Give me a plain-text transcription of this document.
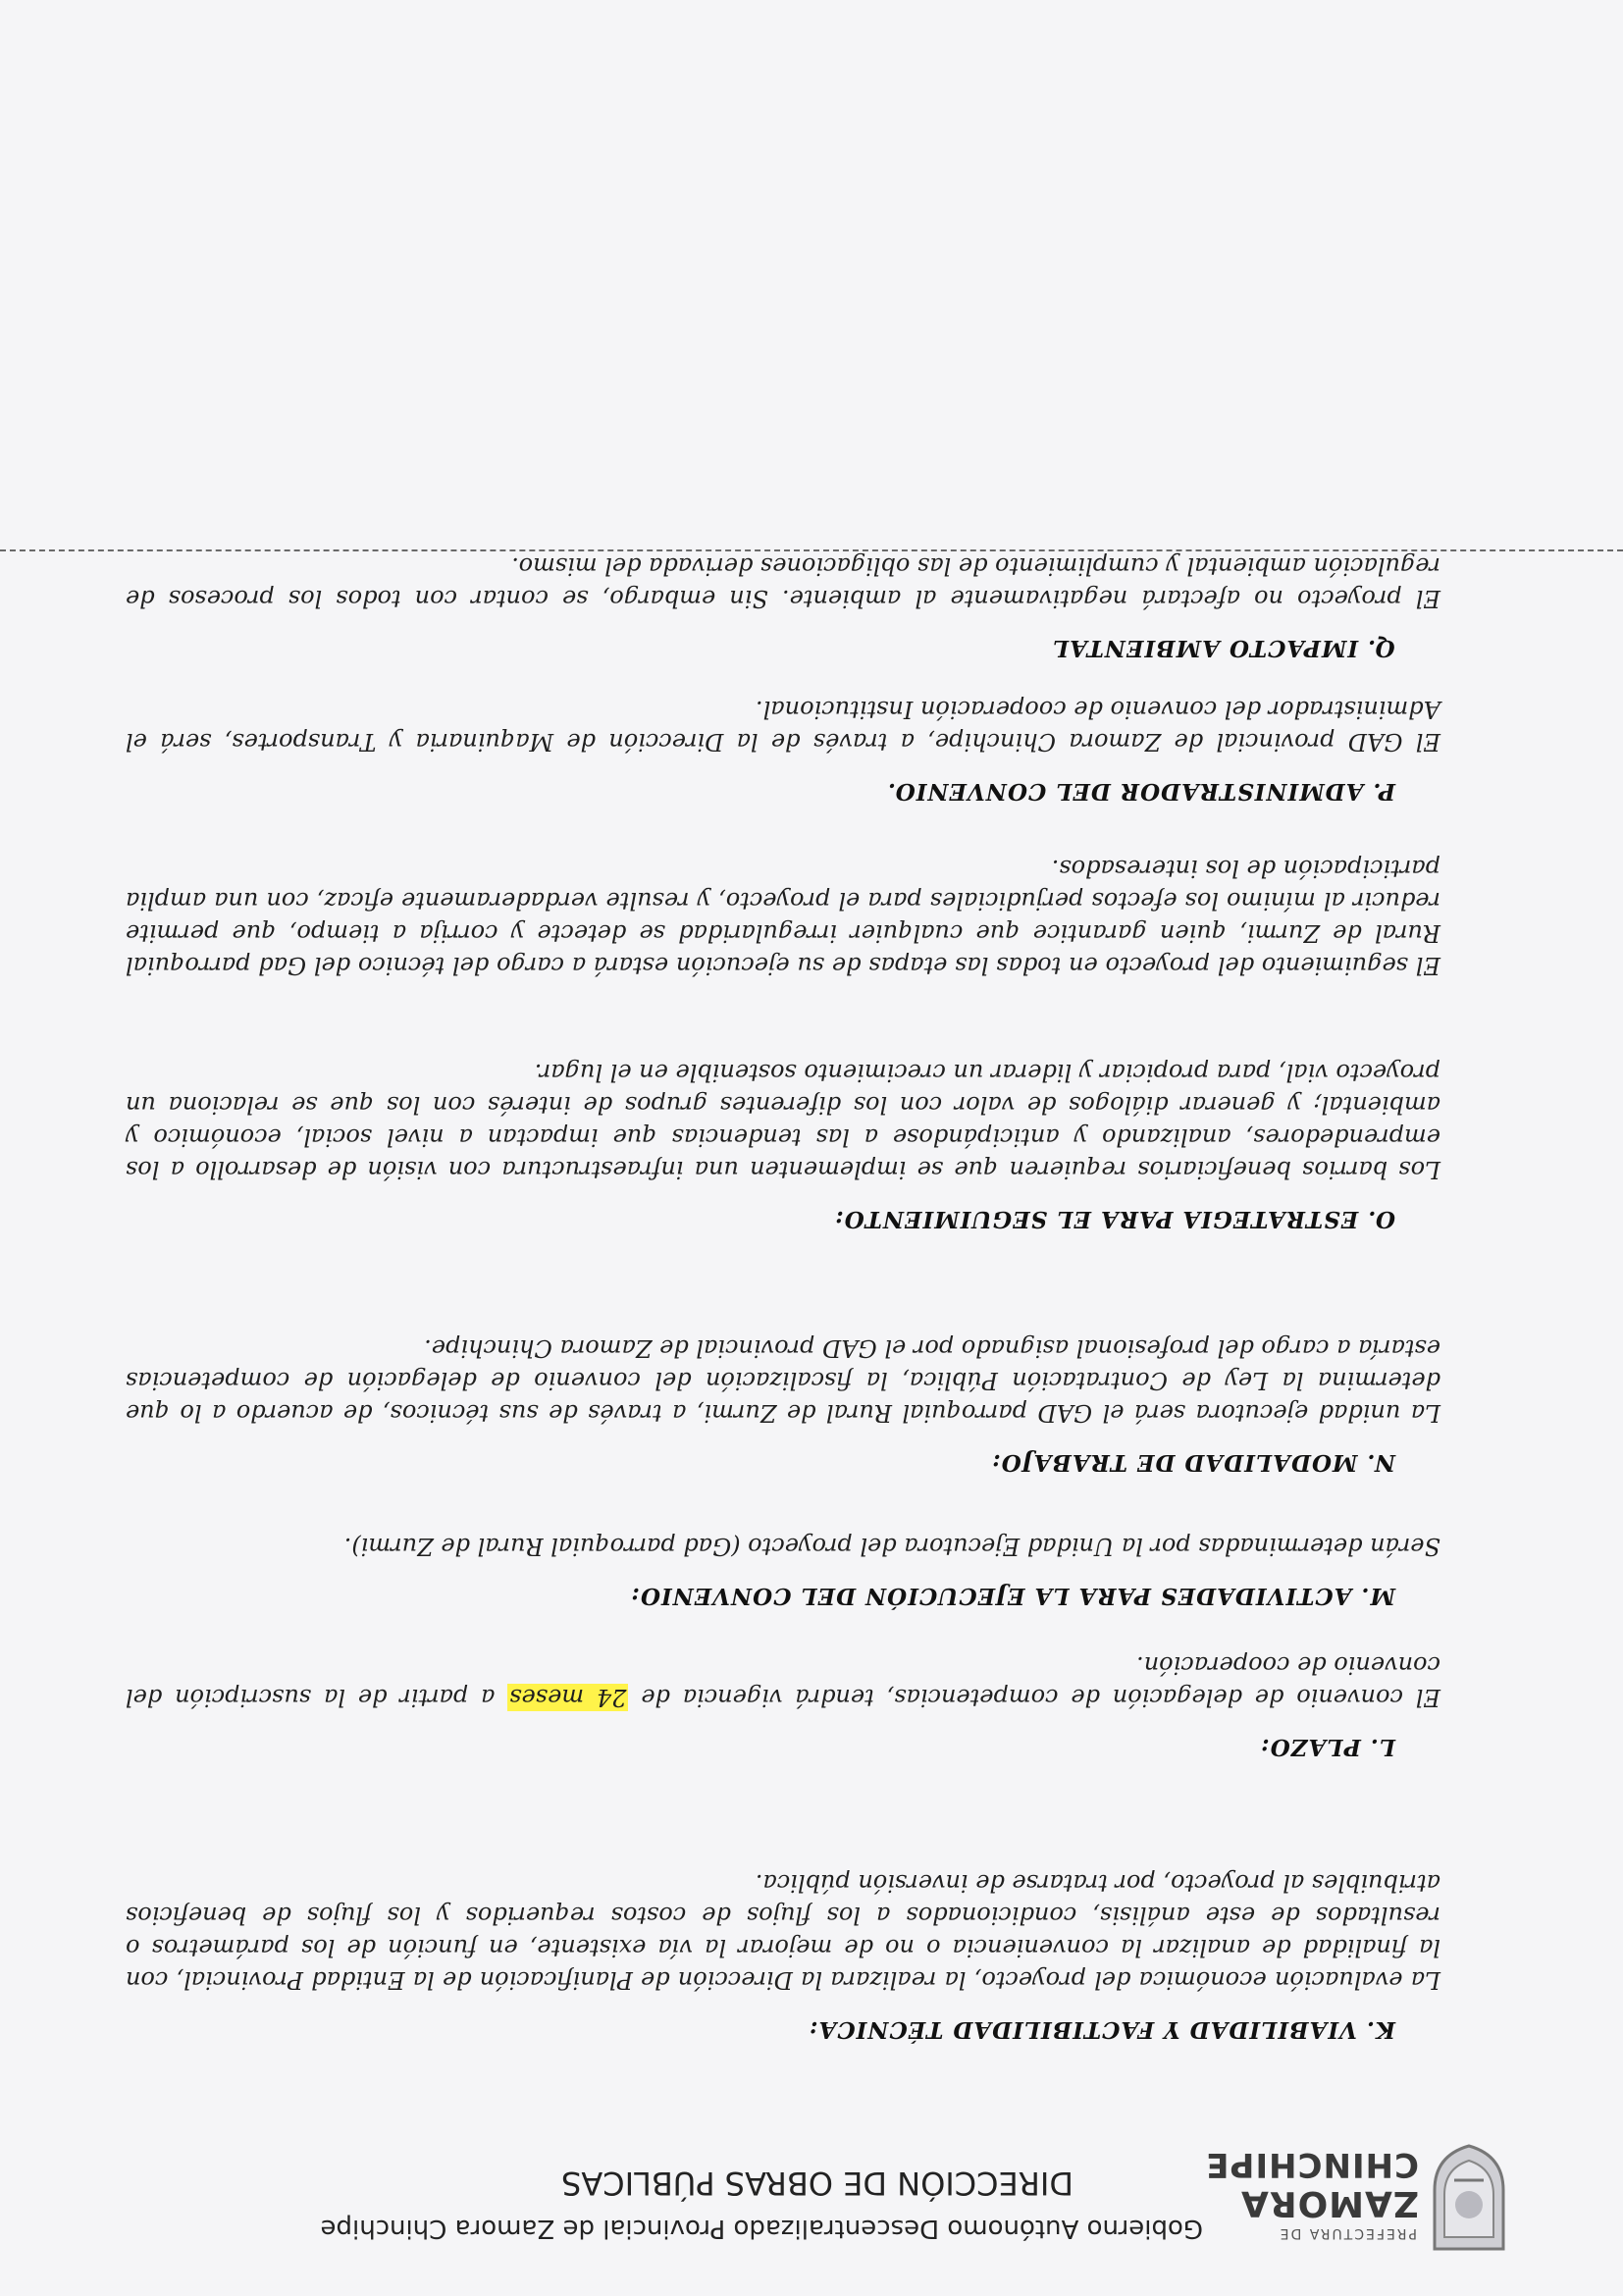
PREFECTURA DE
ZAMORA
CHINCHIPE
Gobierno Autónomo Descentralizado Provincial de Zamora Chinchipe
DIRECCIÓN DE OBRAS PÚBLICAS
K. VIABILIDAD Y FACTIBILIDAD TÉCNICA:
La evaluación económica del proyecto, la realizara la Dirección de Planificación de la Entidad Provincial, con la finalidad de analizar la conveniencia o no de mejorar la vía existente, en función de los parámetros o resultados de este análisis, condicionados a los flujos de costos requeridos y los flujos de beneficios atribuibles al proyecto, por tratarse de inversión pública.
L. PLAZO:
El convenio de delegación de competencias, tendrá vigencia de 24 meses a partir de la suscripción del convenio de cooperación.
M. ACTIVIDADES PARA LA EJECUCIÓN DEL CONVENIO:
Serán determinadas por la Unidad Ejecutora del proyecto (Gad parroquial Rural de Zurmi).
N. MODALIDAD DE TRABAJO:
La unidad ejecutora será el GAD parroquial Rural de Zurmi, a través de sus técnicos, de acuerdo a lo que determina la Ley de Contratación Pública, la fiscalización del convenio de delegación de competencias estaría a cargo del profesional asignado por el GAD provincial de Zamora Chinchipe.
O. ESTRATEGIA PARA EL SEGUIMIENTO:
Los barrios beneficiarios requieren que se implementen una infraestructura con visión de desarrollo a los emprendedores, analizando y anticipándose a las tendencias que impactan a nivel social, económico y ambiental; y generar diálogos de valor con los diferentes grupos de interés con los que se relaciona un proyecto vial, para propiciar y liderar un crecimiento sostenible en el lugar.
El seguimiento del proyecto en todas las etapas de su ejecución estará a cargo del técnico del Gad parroquial Rural de Zurmi, quien garantice que cualquier irregularidad se detecte y corrija a tiempo, que permite reducir al mínimo los efectos perjudiciales para el proyecto, y resulte verdaderamente eficaz, con una amplia participación de los interesados.
P. ADMINISTRADOR DEL CONVENIO.
El GAD provincial de Zamora Chinchipe, a través de la Dirección de Maquinaria y Transportes, será el Administrador del convenio de cooperación Institucional.
Q. IMPACTO AMBIENTAL
El proyecto no afectará negativamente al ambiente. Sin embargo, se contar con todos los procesos de regulación ambiental y cumplimiento de las obligaciones derivada del mismo.
